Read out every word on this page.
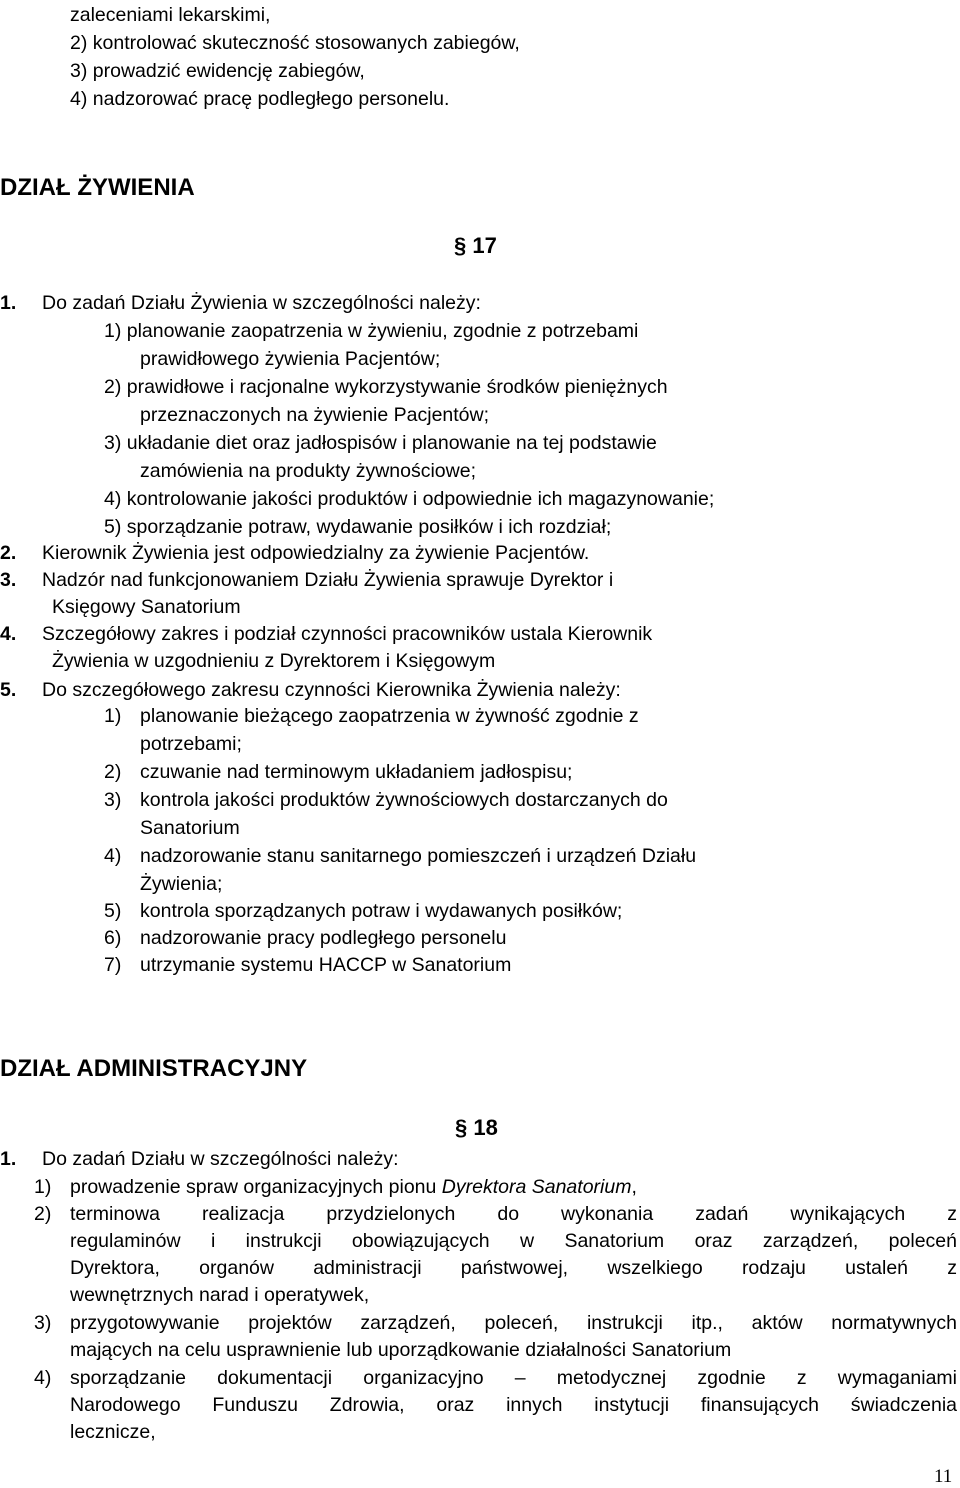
zaleceniami lekarskimi,
2) kontrolować skuteczność stosowanych zabiegów,
3) prowadzić ewidencję zabiegów,
4) nadzorować pracę podległego personelu.
DZIAŁ ŻYWIENIA
§ 17
1. Do zadań Działu Żywienia w szczególności należy:
1) planowanie zaopatrzenia w żywieniu, zgodnie z potrzebami
prawidłowego żywienia Pacjentów;
2) prawidłowe i racjonalne wykorzystywanie środków pieniężnych
przeznaczonych na żywienie Pacjentów;
3) układanie diet oraz jadłospisów i planowanie na tej podstawie
zamówienia na produkty żywnościowe;
4) kontrolowanie jakości produktów i odpowiednie ich magazynowanie;
5) sporządzanie potraw, wydawanie posiłków i ich rozdział;
2. Kierownik Żywienia jest odpowiedzialny za żywienie Pacjentów.
3. Nadzór nad funkcjonowaniem Działu Żywienia sprawuje Dyrektor i
Księgowy Sanatorium
4. Szczegółowy zakres i podział czynności pracowników ustala Kierownik
Żywienia w uzgodnieniu z Dyrektorem i Księgowym
5. Do szczegółowego zakresu czynności Kierownika Żywienia należy:
1) planowanie bieżącego zaopatrzenia w żywność zgodnie z
potrzebami;
2) czuwanie nad terminowym układaniem jadłospisu;
3) kontrola jakości produktów żywnościowych dostarczanych do
Sanatorium
4) nadzorowanie stanu sanitarnego pomieszczeń i urządzeń Działu
Żywienia;
5) kontrola sporządzanych potraw i wydawanych posiłków;
6) nadzorowanie pracy podległego personelu
7) utrzymanie systemu HACCP w Sanatorium
DZIAŁ ADMINISTRACYJNY
§ 18
1. Do zadań Działu w szczególności należy:
1) prowadzenie spraw organizacyjnych pionu Dyrektora Sanatorium,
2) terminowa realizacja przydzielonych do wykonania zadań wynikających z
regulaminów i instrukcji obowiązujących w Sanatorium oraz zarządzeń, poleceń
Dyrektora, organów administracji państwowej, wszelkiego rodzaju ustaleń z
wewnętrznych narad i operatywek,
3) przygotowywanie projektów zarządzeń, poleceń, instrukcji itp., aktów normatywnych
mających na celu usprawnienie lub uporządkowanie działalności Sanatorium
4) sporządzanie dokumentacji organizacyjno – metodycznej zgodnie z wymaganiami
Narodowego Funduszu Zdrowia, oraz innych instytucji finansujących świadczenia
lecznicze,
11
